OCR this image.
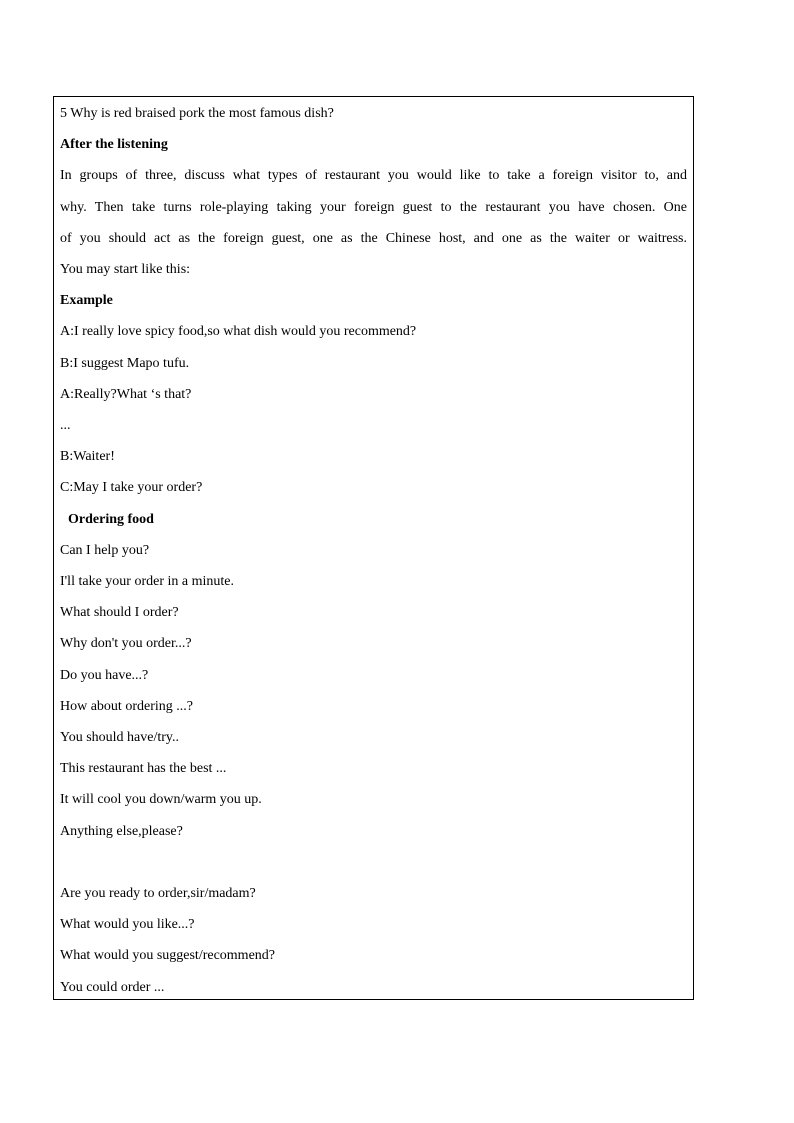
5 Why is red braised pork the most famous dish?
After the listening
In groups of three, discuss what types of restaurant you would like to take a foreign visitor to, and
why. Then take turns role-playing taking your foreign guest to the restaurant you have chosen. One
of you should act as the foreign guest, one as the Chinese host, and one as the waiter or waitress.
You may start like this:
Example
A:I really love spicy food,so what dish would you recommend?
B:I suggest Mapo tufu.
A:Really?What ‘s that?
...
B:Waiter!
C:May I take your order?
Ordering food
Can I help you?
I'll take your order in a minute.
What should I order?
Why don't you order...?
Do you have...?
How about ordering ...?
You should have/try..
This restaurant has the best ...
It will cool you down/warm you up.
Anything else,please?
Are you ready to order,sir/madam?
What would you like...?
What would you suggest/recommend?
You could order ...
